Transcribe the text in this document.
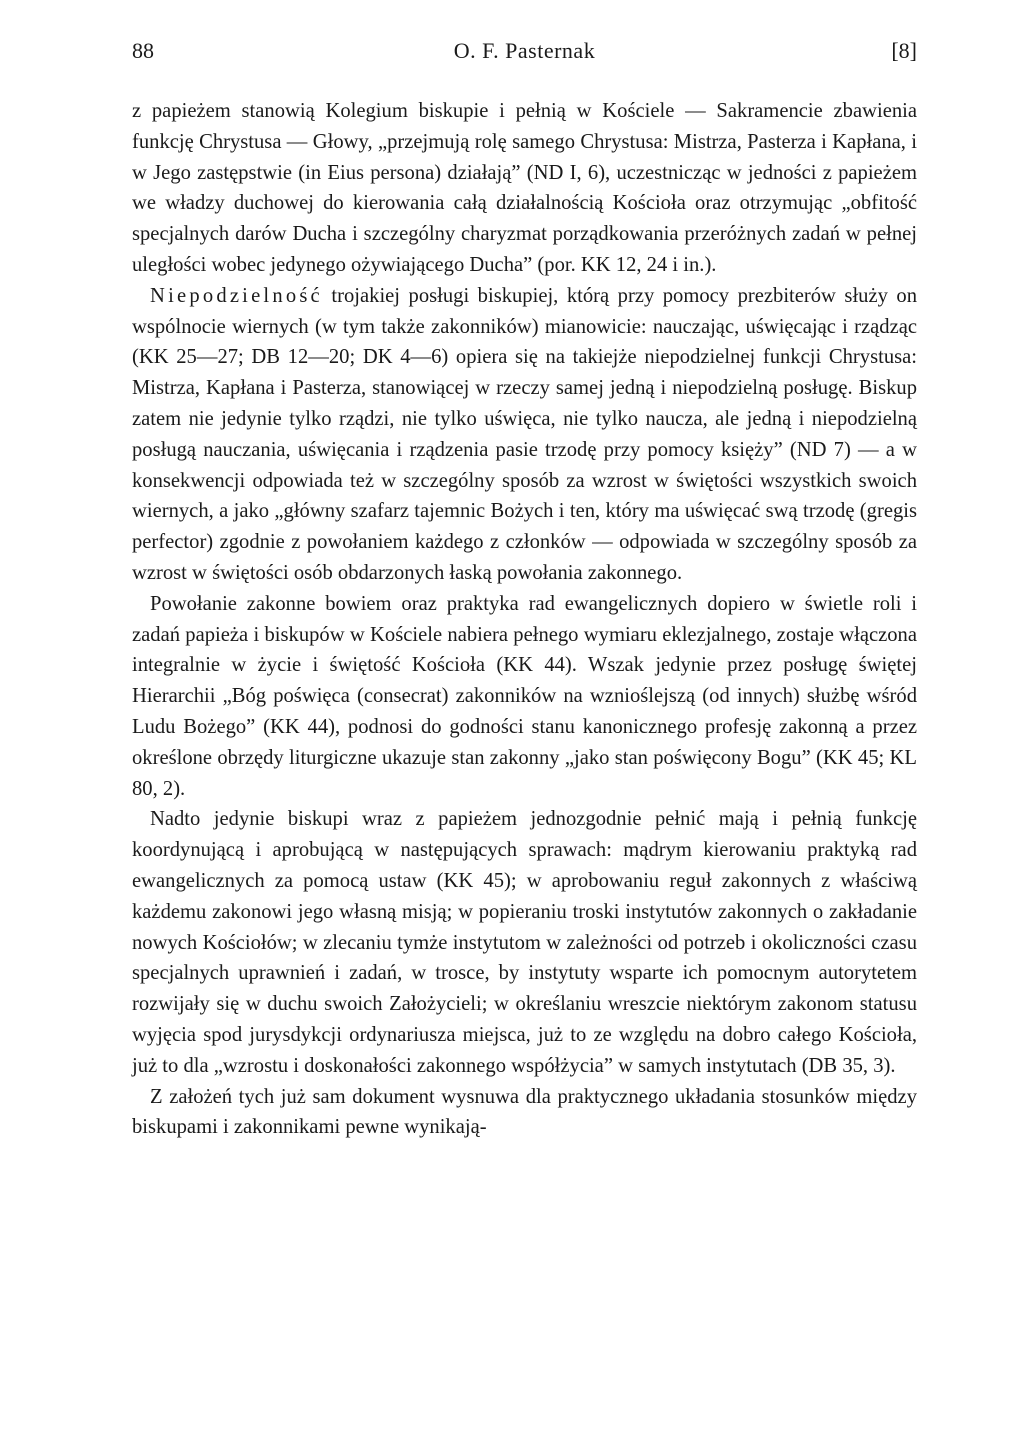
88	O. F. Pasternak	[8]

z papieżem stanowią Kolegium biskupie i pełnią w Kościele — Sakramencie zbawienia funkcję Chrystusa — Głowy, „przejmują rolę samego Chrystusa: Mistrza, Pasterza i Kapłana, i w Jego zastępstwie (in Eius persona) działają” (ND I, 6), uczestnicząc w jedności z papieżem we władzy duchowej do kierowania całą działalnością Kościoła oraz otrzymując „obfitość specjalnych darów Ducha i szczególny charyzmat porządkowania przeróżnych zadań w pełnej uległości wobec jedynego ożywiającego Ducha” (por. KK 12, 24 i in.).

Niepodzielność trojakiej posługi biskupiej, którą przy pomocy prezbiterów służy on wspólnocie wiernych (w tym także zakonników) mianowicie: nauczając, uświęcając i rządząc (KK 25—27; DB 12—20; DK 4—6) opiera się na takiejże niepodzielnej funkcji Chrystusa: Mistrza, Kapłana i Pasterza, stanowiącej w rzeczy samej jedną i niepodzielną posługę. Biskup zatem nie jedynie tylko rządzi, nie tylko uświęca, nie tylko naucza, ale jedną i niepodzielną posługą nauczania, uświęcania i rządzenia pasie trzodę przy pomocy księży” (ND 7) — a w konsekwencji odpowiada też w szczególny sposób za wzrost w świętości wszystkich swoich wiernych, a jako „główny szafarz tajemnic Bożych i ten, który ma uświęcać swą trzodę (gregis perfector) zgodnie z powołaniem każdego z członków — odpowiada w szczególny sposób za wzrost w świętości osób obdarzonych łaską powołania zakonnego.

Powołanie zakonne bowiem oraz praktyka rad ewangelicznych dopiero w świetle roli i zadań papieża i biskupów w Kościele nabiera pełnego wymiaru eklezjalnego, zostaje włączona integralnie w życie i świętość Kościoła (KK 44). Wszak jedynie przez posługę świętej Hierarchii „Bóg poświęca (consecrat) zakonników na wznioślejszą (od innych) służbę wśród Ludu Bożego” (KK 44), podnosi do godności stanu kanonicznego profesję zakonną a przez określone obrzędy liturgiczne ukazuje stan zakonny „jako stan poświęcony Bogu” (KK 45; KL 80, 2).

Nadto jedynie biskupi wraz z papieżem jednozgodnie pełnić mają i pełnią funkcję koordynującą i aprobującą w następujących sprawach: mądrym kierowaniu praktyką rad ewangelicznych za pomocą ustaw (KK 45); w aprobowaniu reguł zakonnych z właściwą każdemu zakonowi jego własną misją; w popieraniu troski instytutów zakonnych o zakładanie nowych Kościołów; w zlecaniu tymże instytutom w zależności od potrzeb i okoliczności czasu specjalnych uprawnień i zadań, w trosce, by instytuty wsparte ich pomocnym autorytetem rozwijały się w duchu swoich Założycieli; w określaniu wreszcie niektórym zakonom statusu wyjęcia spod jurysdykcji ordynariusza miejsca, już to ze względu na dobro całego Kościoła, już to dla „wzrostu i doskonałości zakonnego współżycia” w samych instytutach (DB 35, 3).

Z założeń tych już sam dokument wysnuwa dla praktycznego układania stosunków między biskupami i zakonnikami pewne wynikają-
